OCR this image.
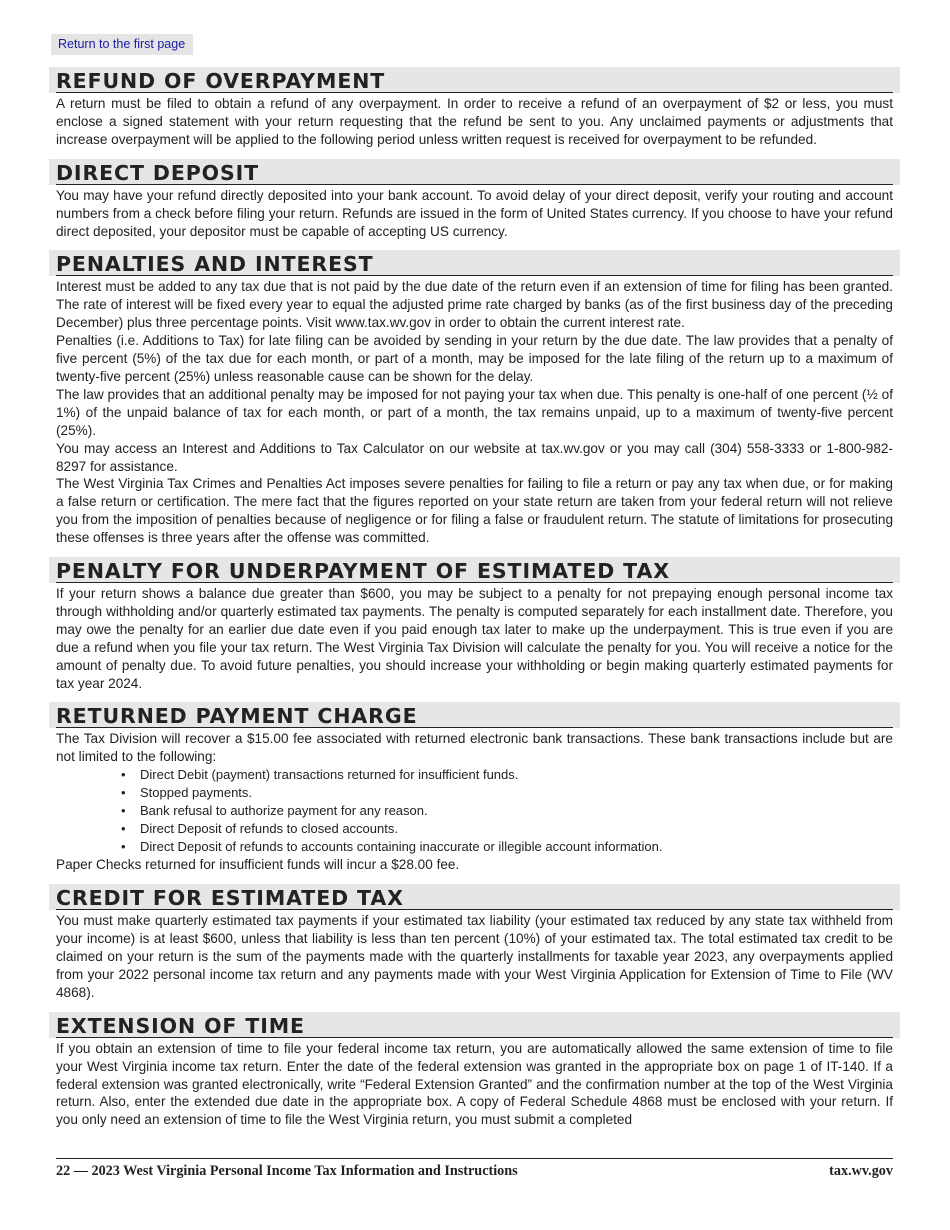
Return to the first page
REFUND OF OVERPAYMENT

A return must be filed to obtain a refund of any overpayment. In order to receive a refund of an overpayment of $2 or less, you must enclose a signed statement with your return requesting that the refund be sent to you. Any unclaimed payments or adjustments that increase overpayment will be applied to the following period unless written request is received for overpayment to be refunded.

DIRECT DEPOSIT

You may have your refund directly deposited into your bank account. To avoid delay of your direct deposit, verify your routing and account numbers from a check before filing your return. Refunds are issued in the form of United States currency. If you choose to have your refund direct deposited, your depositor must be capable of accepting US currency.

PENALTIES AND INTEREST

Interest must be added to any tax due that is not paid by the due date of the return even if an extension of time for filing has been granted. The rate of interest will be fixed every year to equal the adjusted prime rate charged by banks (as of the first business day of the preceding December) plus three percentage points. Visit www.tax.wv.gov in order to obtain the current interest rate.

Penalties (i.e. Additions to Tax) for late filing can be avoided by sending in your return by the due date. The law provides that a penalty of five percent (5%) of the tax due for each month, or part of a month, may be imposed for the late filing of the return up to a maximum of twenty-five percent (25%) unless reasonable cause can be shown for the delay.

The law provides that an additional penalty may be imposed for not paying your tax when due. This penalty is one-half of one percent (½ of 1%) of the unpaid balance of tax for each month, or part of a month, the tax remains unpaid, up to a maximum of twenty-five percent (25%).

You may access an Interest and Additions to Tax Calculator on our website at tax.wv.gov or you may call (304) 558-3333 or 1-800-982-8297 for assistance.

The West Virginia Tax Crimes and Penalties Act imposes severe penalties for failing to file a return or pay any tax when due, or for making a false return or certification. The mere fact that the figures reported on your state return are taken from your federal return will not relieve you from the imposition of penalties because of negligence or for filing a false or fraudulent return. The statute of limitations for prosecuting these offenses is three years after the offense was committed.

PENALTY FOR UNDERPAYMENT OF ESTIMATED TAX

If your return shows a balance due greater than $600, you may be subject to a penalty for not prepaying enough personal income tax through withholding and/or quarterly estimated tax payments. The penalty is computed separately for each installment date. Therefore, you may owe the penalty for an earlier due date even if you paid enough tax later to make up the underpayment. This is true even if you are due a refund when you file your tax return. The West Virginia Tax Division will calculate the penalty for you. You will receive a notice for the amount of penalty due. To avoid future penalties, you should increase your withholding or begin making quarterly estimated payments for tax year 2024.

RETURNED PAYMENT CHARGE

The Tax Division will recover a $15.00 fee associated with returned electronic bank transactions. These bank transactions include but are not limited to the following:

• Direct Debit (payment) transactions returned for insufficient funds.
• Stopped payments.
• Bank refusal to authorize payment for any reason.
• Direct Deposit of refunds to closed accounts.
• Direct Deposit of refunds to accounts containing inaccurate or illegible account information.

Paper Checks returned for insufficient funds will incur a $28.00 fee.

CREDIT FOR ESTIMATED TAX

You must make quarterly estimated tax payments if your estimated tax liability (your estimated tax reduced by any state tax withheld from your income) is at least $600, unless that liability is less than ten percent (10%) of your estimated tax. The total estimated tax credit to be claimed on your return is the sum of the payments made with the quarterly installments for taxable year 2023, any overpayments applied from your 2022 personal income tax return and any payments made with your West Virginia Application for Extension of Time to File (WV 4868).

EXTENSION OF TIME

If you obtain an extension of time to file your federal income tax return, you are automatically allowed the same extension of time to file your West Virginia income tax return. Enter the date of the federal extension was granted in the appropriate box on page 1 of IT-140. If a federal extension was granted electronically, write “Federal Extension Granted” and the confirmation number at the top of the West Virginia return. Also, enter the extended due date in the appropriate box. A copy of Federal Schedule 4868 must be enclosed with your return. If you only need an extension of time to file the West Virginia return, you must submit a completed

22 — 2023 West Virginia Personal Income Tax Information and Instructions	tax.wv.gov
